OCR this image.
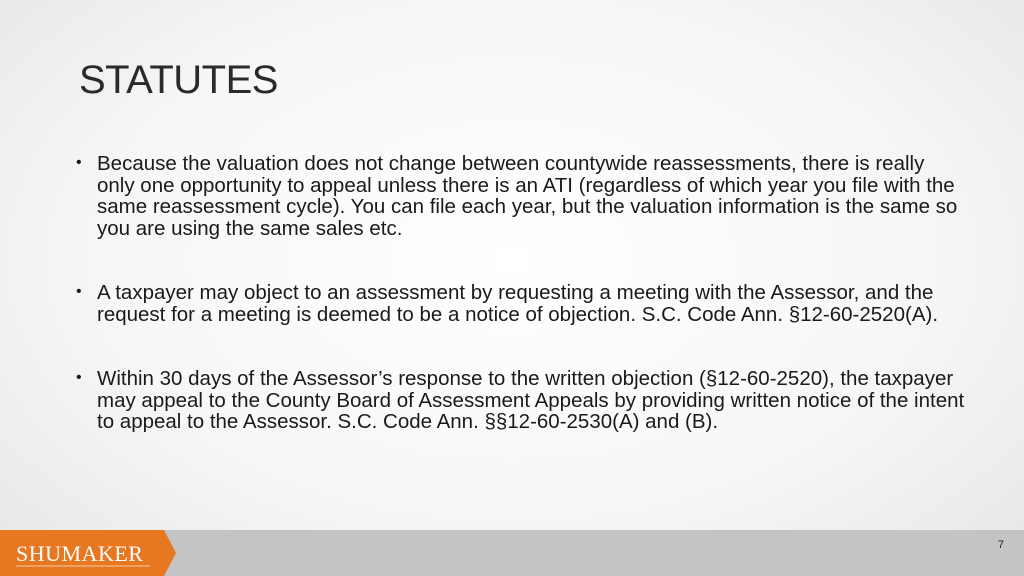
STATUTES
• Because the valuation does not change between countywide reassessments, there is really only one opportunity to appeal unless there is an ATI (regardless of which year you file with the same reassessment cycle). You can file each year, but the valuation information is the same so you are using the same sales etc.
• A taxpayer may object to an assessment by requesting a meeting with the Assessor, and the request for a meeting is deemed to be a notice of objection. S.C. Code Ann. §12-60-2520(A).
• Within 30 days of the Assessor’s response to the written objection (§12-60-2520), the taxpayer may appeal to the County Board of Assessment Appeals by providing written notice of the intent to appeal to the Assessor. S.C. Code Ann. §§12-60-2530(A) and (B).
SHUMAKER	7
